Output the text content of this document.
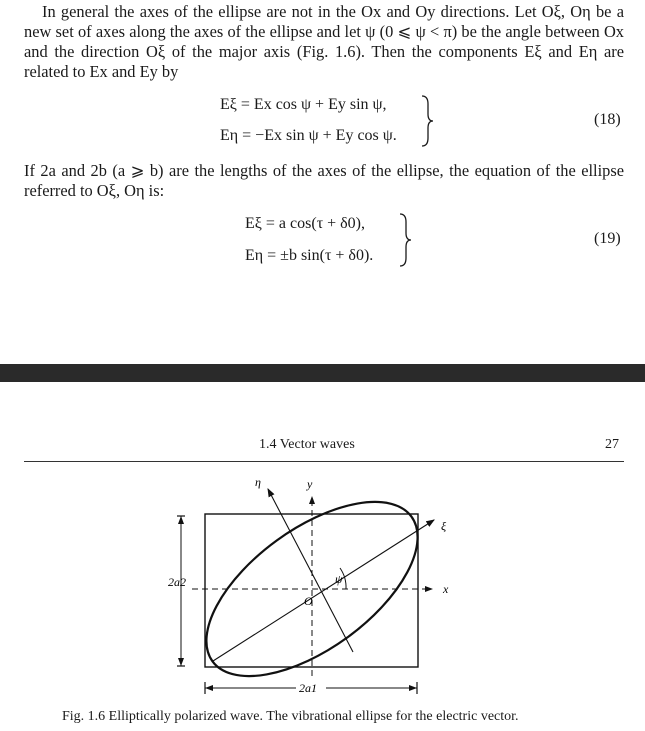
In general the axes of the ellipse are not in the Ox and Oy directions. Let Oξ, Oη be a new set of axes along the axes of the ellipse and let ψ (0 ⩽ ψ < π) be the angle between Ox and the direction Oξ of the major axis (Fig. 1.6). Then the components Eξ and Eη are related to Ex and Ey by

Eξ = Ex cos ψ + Ey sin ψ,
Eη = −Ex sin ψ + Ey cos ψ.
(18)

If 2a and 2b (a ⩾ b) are the lengths of the axes of the ellipse, the equation of the ellipse referred to Oξ, Oη is:

Eξ = a cos(τ + δ0),
Eη = ±b sin(τ + δ0).
(19)
1.4 Vector waves	27
η	y
ξ
x
ψ
O
2a2
2a1
Fig. 1.6 Elliptically polarized wave. The vibrational ellipse for the electric vector.
